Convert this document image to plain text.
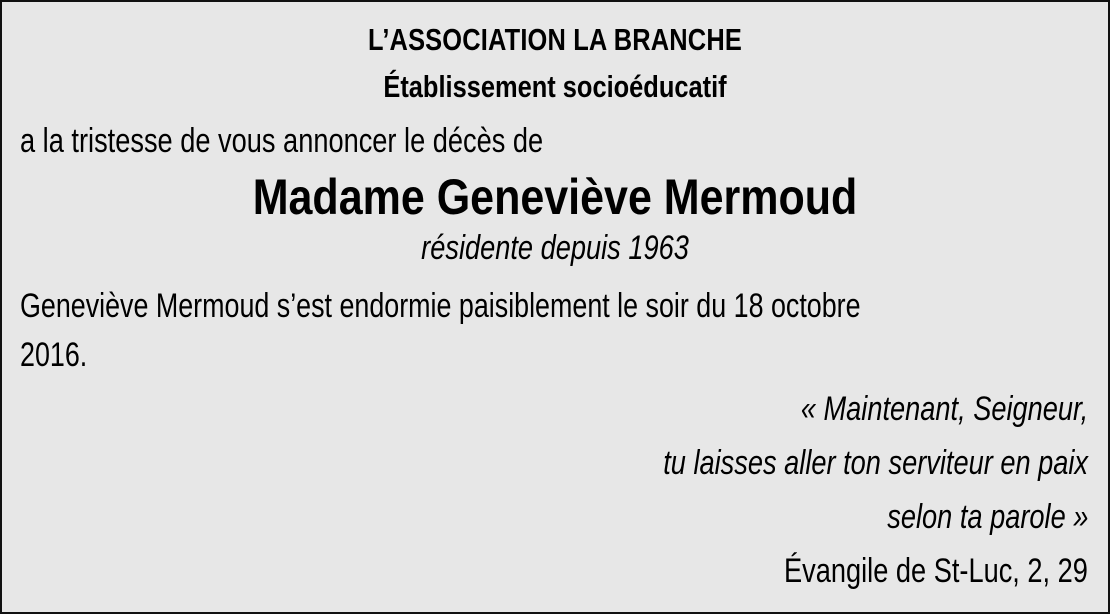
L’ASSOCIATION LA BRANCHE
Établissement socioéducatif
a la tristesse de vous annoncer le décès de
Madame Geneviève Mermoud
résidente depuis 1963
Geneviève Mermoud s’est endormie paisiblement le soir du 18 octobre
2016.
« Maintenant, Seigneur,
tu laisses aller ton serviteur en paix
selon ta parole »
Évangile de St-Luc, 2, 29
